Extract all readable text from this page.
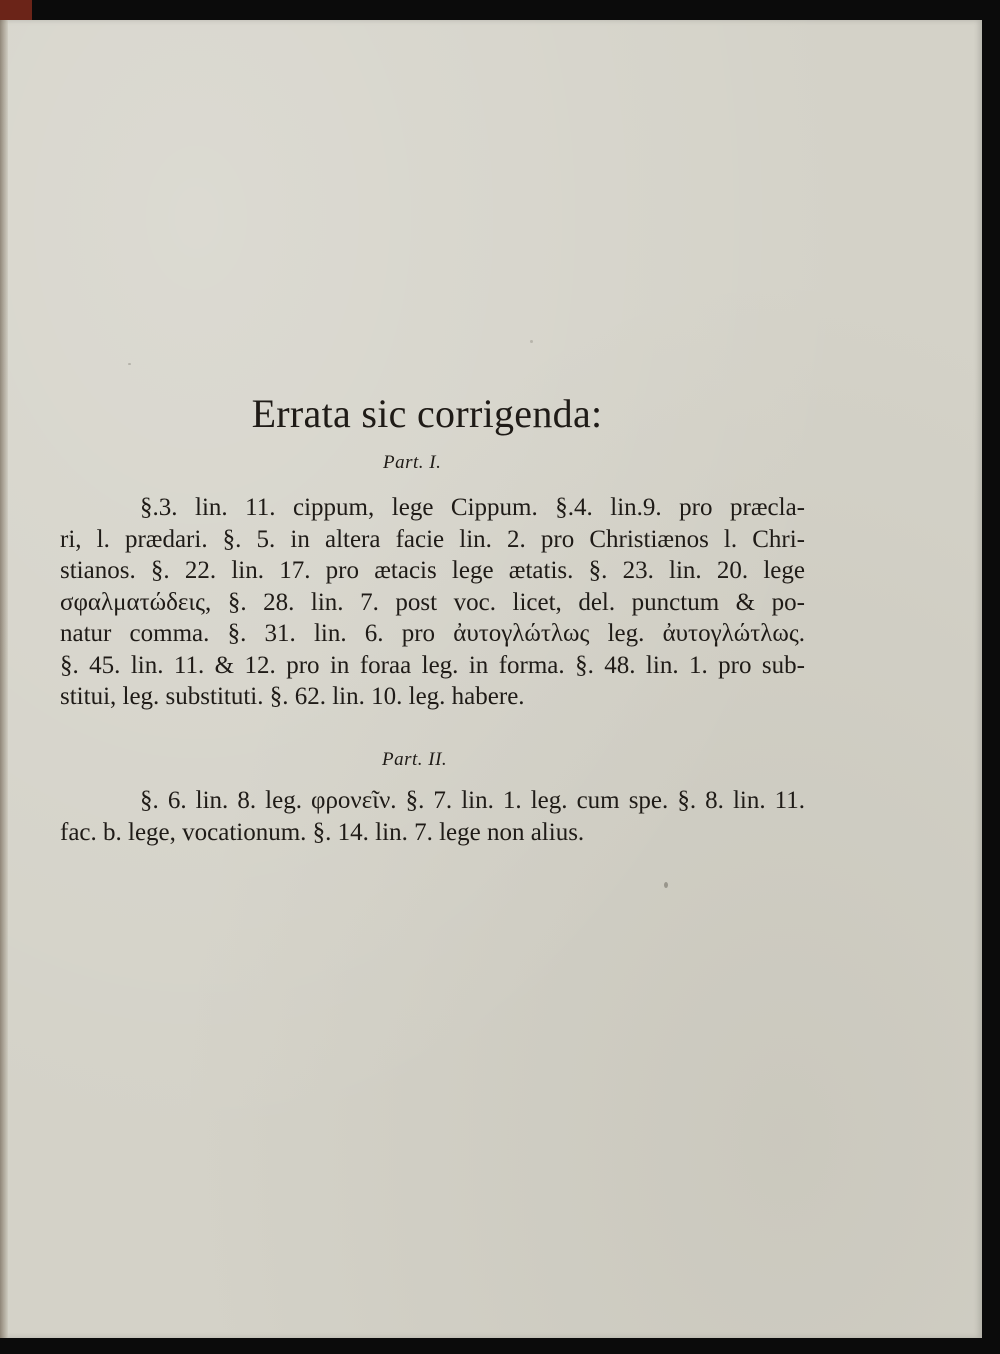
Errata sic corrigenda:
Part. I.
§.3. lin. 11. cippum, lege Cippum. §.4. lin.9. pro præcla-
ri, l. prædari. §. 5. in altera facie lin. 2. pro Christiænos l. Chri-
stianos. §. 22. lin. 17. pro ætacis lege ætatis. §. 23. lin. 20. lege
σφαλματώδεις, §. 28. lin. 7. post voc. licet, del. punctum & po-
natur comma. §. 31. lin. 6. pro ἀυτογλώτλως leg. ἀυτογλώτλως.
§. 45. lin. 11. & 12. pro in foraa leg. in forma. §. 48. lin. 1. pro sub-
stitui, leg. substituti. §. 62. lin. 10. leg. habere.
Part. II.
§. 6. lin. 8. leg. φρονεῖν. §. 7. lin. 1. leg. cum spe. §. 8. lin. 11.
fac. b. lege, vocationum. §. 14. lin. 7. lege non alius.
